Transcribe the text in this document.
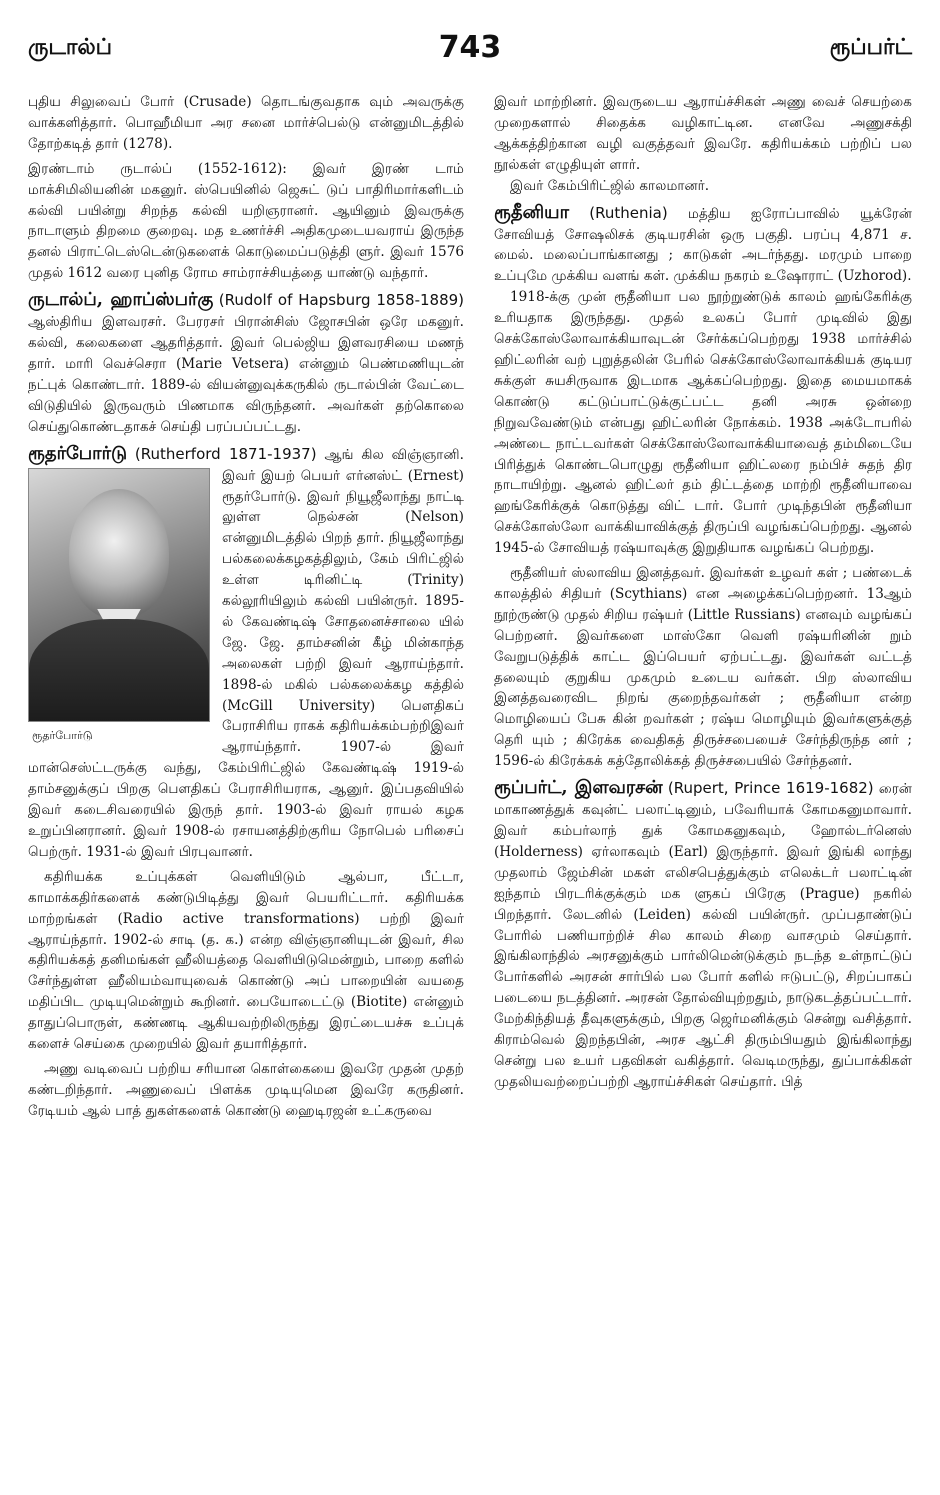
ருடால்ப்	743	ரூப்பர்ட்

புதிய சிலுவைப் போர் (Crusade) தொடங்குவதாக வும் அவருக்கு வாக்களித்தார். பொஹீமியா அர சனை மார்ச்பெல்டு என்னுமிடத்தில் தோற்கடித் தார் (1278).

இரண்டாம் ருடால்ப் (1552-1612): இவர் இரண் டாம் மாக்சிமிலியனின் மகனுர். ஸ்பெயினில் ஜெசுட் டுப் பாதிரிமார்களிடம் கல்வி பயின்று சிறந்த கல்வி யறிஞரானர். ஆயினும் இவருக்கு நாடாளும் திறமை குறைவு. மத உணர்ச்சி அதிகமுடையவராய் இருந்த தனல் பிராட்டெஸ்டென்டுகளைக் கொடுமைப்படுத்தி ளுர். இவர் 1576 முதல் 1612 வரை புனித ரோம சாம்ராச்சியத்தை யாண்டு வந்தார்.

ருடால்ப், ஹாப்ஸ்பர்கு (Rudolf of Hapsburg 1858-1889) ஆஸ்திரிய இளவரசர். பேரரசர் பிரான்சிஸ் ஜோசபின் ஒரே மகனுர். கல்வி, கலைகளை ஆதரித்தார். இவர் பெல்ஜிய இளவரசியை மணந் தார். மாரி வெச்செரா (Marie Vetsera) என்னும் பெண்மணியுடன் நட்புக் கொண்டார். 1889-ல் வியன்னுவுக்கருகில் ருடால்பின் வேட்டை விடுதியில் இருவரும் பிணமாக விருந்தனர். அவர்கள் தற்கொலை செய்துகொண்டதாகச் செய்தி பரப்பப்பட்டது.

ரூதர்போர்டு (Rutherford 1871-1937)
ரூதர்போர்டு
ஆங் கில விஞ்ஞானி. இவர் இயற் பெயர் எர்னஸ்ட் (Ernest) ரூதர்போர்டு. இவர் நியூஜீலாந்து நாட்டி லுள்ள நெல்சன் (Nelson) என்னுமிடத்தில் பிறந் தார். நியூஜீலாந்து பல்கலைக்கழகத்திலும், கேம் பிரிட்ஜில் உள்ள டிரினிட்டி (Trinity) கல்லூரியிலும் கல்வி பயின்ருர். 1895-ல் கேவண்டிஷ் சோதனைச்சாலை யில் ஜே. ஜே. தாம்சனின் கீழ் மின்காந்த அலைகள் பற்றி இவர் ஆராய்ந்தார். 1898-ல் மகில் பல்கலைக்கழ கத்தில் (McGill University) பௌதிகப் பேராசிரிய ராகக் கதிரியக்கம்பற்றிஇவர் ஆராய்ந்தார். 1907-ல் இவர் மான்செஸ்ட்டருக்கு வந்து, கேம்பிரிட்ஜில் கேவண்டிஷ் 1919-ல் தாம்சனுக்குப் பிறகு பௌதிகப் பேராசிரியராக, ஆனுர். இப்பதவியில் இவர் கடைசிவரையில் இருந் தார். 1903-ல் இவர் ராயல் கழக உறுப்பினரானர். இவர் 1908-ல் ரசாயனத்திற்குரிய நோபெல் பரிசைப் பெற்ருர். 1931-ல் இவர் பிரபுவானர்.

கதிரியக்க உப்புக்கள் வெளியிடும் ஆல்பா, பீட்டா, காமாக்கதிர்களைக் கண்டுபிடித்து இவர் பெயரிட்டார். கதிரியக்க மாற்றங்கள் (Radio active transformations) பற்றி இவர் ஆராய்ந்தார். 1902-ல் சாடி (த. க.) என்ற விஞ்ஞானியுடன் இவர், சில கதிரியக்கத் தனிமங்கள் ஹீலியத்தை வெளியிடுமென்றும், பாறை களில் சேர்ந்துள்ள ஹீலியம்வாயுவைக் கொண்டு அப் பாறையின் வயதை மதிப்பிட முடியுமென்றும் கூறினர். பையோடைட்டு (Biotite) என்னும் தாதுப்பொருள், கண்ணடி ஆகியவற்றிலிருந்து இரட்டையச்சு உப்புக் களைச் செய்கை முறையில் இவர் தயாரித்தார்.

அணு வடிவைப் பற்றிய சரியான கொள்கையை இவரே முதன் முதற் கண்டறிந்தார். அணுவைப் பிளக்க முடியுமென இவரே கருதினர். ரேடியம் ஆல் பாத் துகள்களைக் கொண்டு ஹைடிரஜன் உட்கருவை

இவர் மாற்றினர். இவருடைய ஆராய்ச்சிகள் அணு வைச் செயற்கை முறைகளால் சிதைக்க வழிகாட்டின. எனவே அணுசக்தி ஆக்கத்திற்கான வழி வகுத்தவர் இவரே. கதிரியக்கம் பற்றிப் பல நூல்கள் எழுதியுள் ளார்.

இவர் கேம்பிரிட்ஜில் காலமானர்.

ரூதீனியா (Ruthenia) மத்திய ஐரோப்பாவில் யூக்ரேன் சோவியத் சோஷலிசக் குடியரசின் ஒரு பகுதி. பரப்பு 4,871 ச. மைல். மலைப்பாங்கானது ; காடுகள் அடர்ந்தது. மரமும் பாறை உப்புமே முக்கிய வளங் கள். முக்கிய நகரம் உஷோராட் (Uzhorod).

1918-க்கு முன் ரூதீனியா பல நூற்றுண்டுக் காலம் ஹங்கேரிக்கு உரியதாக இருந்தது. முதல் உலகப் போர் முடிவில் இது செக்கோஸ்லோவாக்கியாவுடன் சேர்க்கப்பெற்றது 1938 மார்ச்சில் ஹிட்லரின் வற் புறுத்தலின் பேரில் செக்கோஸ்லோவாக்கியக் குடியர சுக்குள் சுயசிருவாக இடமாக ஆக்கப்பெற்றது. இதை மையமாகக் கொண்டு கட்டுப்பாட்டுக்குட்பட்ட தனி அரசு ஒன்றை நிறுவவேண்டும் என்பது ஹிட்லரின் நோக்கம். 1938 அக்டோபரில் அண்டை நாட்டவர்கள் செக்கோஸ்லோவாக்கியாவைத் தம்மிடையே பிரித்துக் கொண்டபொழுது ரூதீனியா ஹிட்லரை நம்பிச் சுதந் திர நாடாயிற்று. ஆனல் ஹிட்லர் தம் திட்டத்தை மாற்றி ரூதீனியாவை ஹங்கேரிக்குக் கொடுத்து விட் டார். போர் முடிந்தபின் ரூதீனியா செக்கோஸ்லோ வாக்கியாவிக்குத் திருப்பி வழங்கப்பெற்றது. ஆனல் 1945-ல் சோவியத் ரஷ்யாவுக்கு இறுதியாக வழங்கப் பெற்றது.

ரூதீனியர் ஸ்லாவிய இனத்தவர். இவர்கள் உழவர் கள் ; பண்டைக் காலத்தில் சிதியர் (Scythians) என அழைக்கப்பெற்றனர். 13ஆம் நூற்ருண்டு முதல் சிறிய ரஷ்யர் (Little Russians) எனவும் வழங்கப் பெற்றனர். இவர்களை மாஸ்கோ வெளி ரஷ்யரினின் றும் வேறுபடுத்திக் காட்ட இப்பெயர் ஏற்பட்டது. இவர்கள் வட்டத் தலையும் குறுகிய முகமும் உடைய வர்கள். பிற ஸ்லாவிய இனத்தவரைவிட நிறங் குறைந்தவர்கள் ; ரூதீனியா என்ற மொழியைப் பேசு கின் றவர்கள் ; ரஷ்ய மொழியும் இவர்களுக்குத் தெரி யும் ; கிரேக்க வைதிகத் திருச்சபையைச் சேர்ந்திருந்த னர் ; 1596-ல் கிரேக்கக் கத்தோலிக்கத் திருச்சபையில் சேர்ந்தனர்.

ரூப்பர்ட், இளவரசன் (Rupert, Prince 1619-1682) ரைன் மாகாணத்துக் கவுன்ட் பலாட்டினும், பவேரியாக் கோமகனுமாவார். இவர் கம்பர்லாந் துக் கோமகனுகவும், ஹோல்டர்னெஸ் (Holderness) ஏர்லாகவும் (Earl) இருந்தார். இவர் இங்கி லாந்து முதலாம் ஜேம்சின் மகள் எலிசபெத்துக்கும் எலெக்டர் பலாட்டின் ஐந்தாம் பிரடரிக்குக்கும் மக ளுகப் பிரேகு (Prague) நகரில் பிறந்தார். லேடனில் (Leiden) கல்வி பயின்ருர். முப்பதாண்டுப் போரில் பணியாற்றிச் சில காலம் சிறை வாசமும் செய்தார். இங்கிலாந்தில் அரசனுக்கும் பார்லிமென்டுக்கும் நடந்த உள்நாட்டுப் போர்களில் அரசன் சார்பில் பல போர் களில் ஈடுபட்டு, சிறப்பாகப் படையை நடத்தினர். அரசன் தோல்வியுற்றதும், நாடுகடத்தப்பட்டார். மேற்கிந்தியத் தீவுகளுக்கும், பிறகு ஜெர்மனிக்கும் சென்று வசித்தார். கிராம்வெல் இறந்தபின், அரச ஆட்சி திரும்பியதும் இங்கிலாந்து சென்று பல உயர் பதவிகள் வகித்தார். வெடிமருந்து, துப்பாக்கிகள் முதலியவற்றைப்பற்றி ஆராய்ச்சிகள் செய்தார். பித்
